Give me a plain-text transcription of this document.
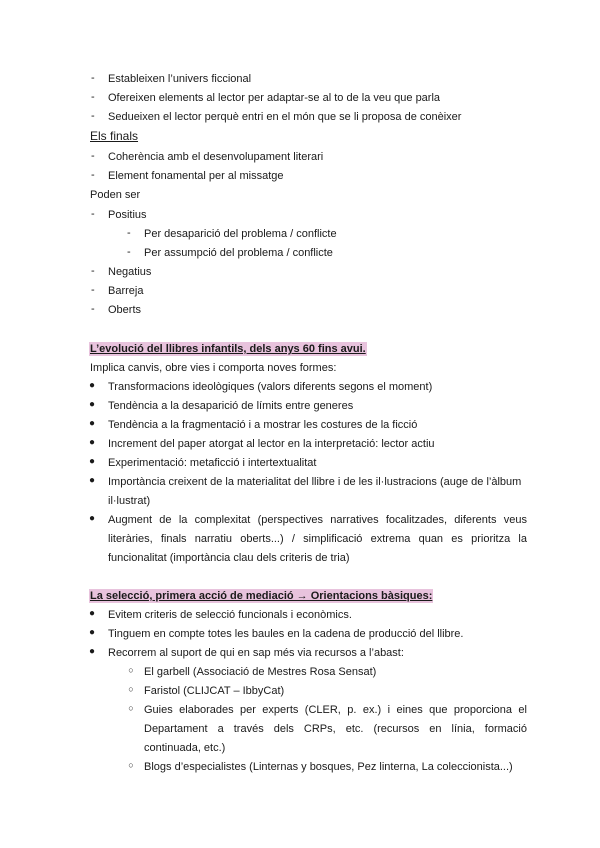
-	Estableixen l’univers ficcional
-	Ofereixen elements al lector per adaptar-se al to de la veu que parla
-	Sedueixen el lector perquè entri en el món que se li proposa de conèixer
Els finals
-	Coherència amb el desenvolupament literari
-	Element fonamental per al missatge
Poden ser
-	Positius
-	Per desaparició del problema / conflicte
-	Per assumpció del problema / conflicte
-	Negatius
-	Barreja
-	Oberts
L’evolució del llibres infantils, dels anys 60 fins avui.
Implica canvis, obre vies i comporta noves formes:
● Transformacions ideològiques (valors diferents segons el moment)
● Tendència a la desaparició de límits entre generes
● Tendència a la fragmentació i a mostrar les costures de la ficció
● Increment del paper atorgat al lector en la interpretació: lector actiu
● Experimentació: metaficció i intertextualitat
● Importància creixent de la materialitat del llibre i de les il·lustracions (auge de l’àlbum
il·lustrat)
● Augment de la complexitat (perspectives narratives focalitzades, diferents veus
literàries, finals narratiu oberts...) / simplificació extrema quan es prioritza la
funcionalitat (importància clau dels criteris de tria)
La selecció, primera acció de mediació → Orientacions bàsiques:
● Evitem criteris de selecció funcionals i econòmics.
● Tinguem en compte totes les baules en la cadena de producció del llibre.
● Recorrem al suport de qui en sap més via recursos a l’abast:
○ El garbell (Associació de Mestres Rosa Sensat)
○ Faristol (CLIJCAT – IbbyCat)
○ Guies elaborades per experts (CLER, p. ex.) i eines que proporciona el
Departament a través dels CRPs, etc. (recursos en línia, formació
continuada, etc.)
○ Blogs d’especialistes (Linternas y bosques, Pez linterna, La coleccionista...)
